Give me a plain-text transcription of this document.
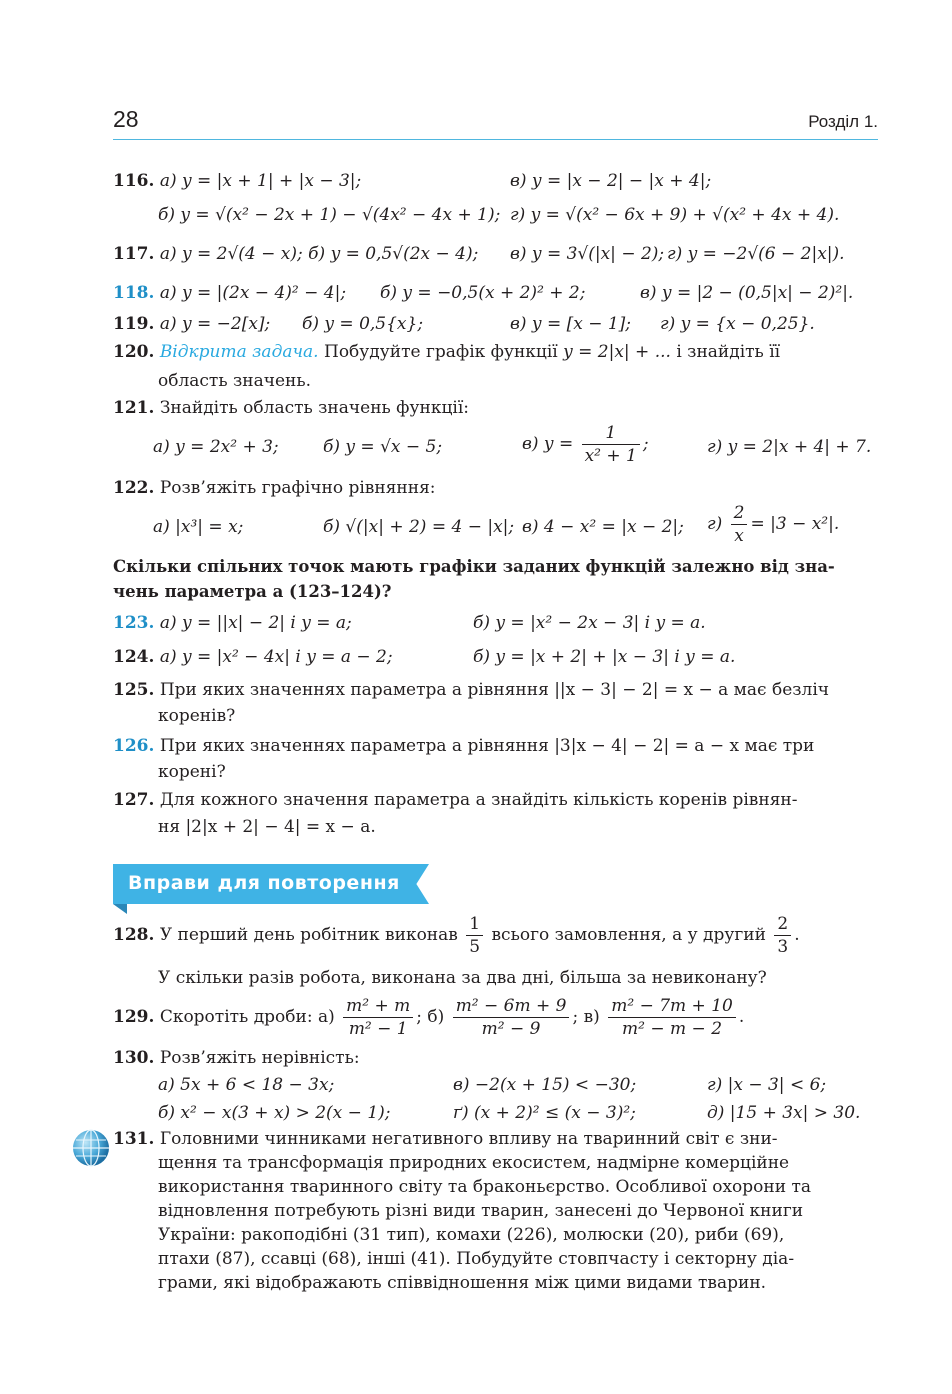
28	Розділ 1.
116. а) y = |x + 1| + |x − 3|;	в) y = |x − 2| − |x + 4|;
б) y = √(x² − 2x + 1) − √(4x² − 4x + 1); г) y = √(x² − 6x + 9) + √(x² + 4x + 4).
117. а) y = 2√(4 − x); б) y = 0,5√(2x − 4); в) y = 3√(|x| − 2); г) y = −2√(6 − 2|x|).
118. а) y = |(2x − 4)² − 4|; б) y = −0,5(x + 2)² + 2;	в) y = |2 − (0,5|x| − 2)²|.
119. а) y = −2[x]; б) y = 0,5{x};	в) y = [x − 1]; г) y = {x − 0,25}.
120. Відкрита задача. Побудуйте графік функції y = 2|x| + ... і знайдіть її
область значень.
121. Знайдіть область значень функції:
а) y = 2x² + 3;	б) y = √x − 5;	в) $y = \frac{1}{\text{x² + 1}}$ ;	г) y = 2|x + 4| + 7.
122. Розв’яжіть графічно рівняння:
а) |x³| = x;	б) √(|x| + 2) = 4 − |x|; в) 4 − x² = |x − 2|; $г) \frac{2}{x} = |3 - x^2|$.
Скільки спільних точок мають графіки заданих функцій залежно від зна-
чень параметра a (123–124)?
123. а) y = ||x| − 2| і y = a;	б) y = |x² − 2x − 3| і y = a.
124. а) y = |x² − 4x| і y = a − 2;	б) y = |x + 2| + |x − 3| і y = a.
125. При яких значеннях параметра a рівняння ||x − 3| − 2| = x − a має безліч
коренів?
126. При яких значеннях параметра a рівняння |3|x − 4| − 2| = a − x має три
корені?
127. Для кожного значення параметра a знайдіть кількість коренів рівнян-
ня |2|x + 2| − 4| = x − a.
Вправи для повторення
128. У перший день робітник виконав $\frac{1}{5}$ всього замовлення, а у другий $\frac{2}{3}$ .
У скільки разів робота, виконана за два дні, більша за невиконану?
129. Скоротіть дроби: $а) \frac{\text{m² + m}}{\text{m² − 1}}$ ; $б) \frac{\text{m² − 6m + 9}}{\text{m² − 9}}$ ; $в) \frac{\text{m² − 7m + 10}}{\text{m² − m − 2}}$ .
130. Розв’яжіть нерівність:
а) 5x + 6 < 18 − 3x;	в) −2(x + 15) < −30;	г) |x − 3| < 6;
б) x² − x(3 + x) > 2(x − 1);	ґ) (x + 2)² ≤ (x − 3)²;	д) |15 + 3x| > 30.
131. Головними чинниками негативного впливу на тваринний світ є зни-
щення та трансформація природних екосистем, надмірне комерційне
використання тваринного світу та браконьєрство. Особливої охорони та
відновлення потребують різні види тварин, занесені до Червоної книги
України: ракоподібні (31 тип), комахи (226), молюски (20), риби (69),
птахи (87), ссавці (68), інші (41). Побудуйте стовпчасту і секторну діа-
грами, які відображають співвідношення між цими видами тварин.
